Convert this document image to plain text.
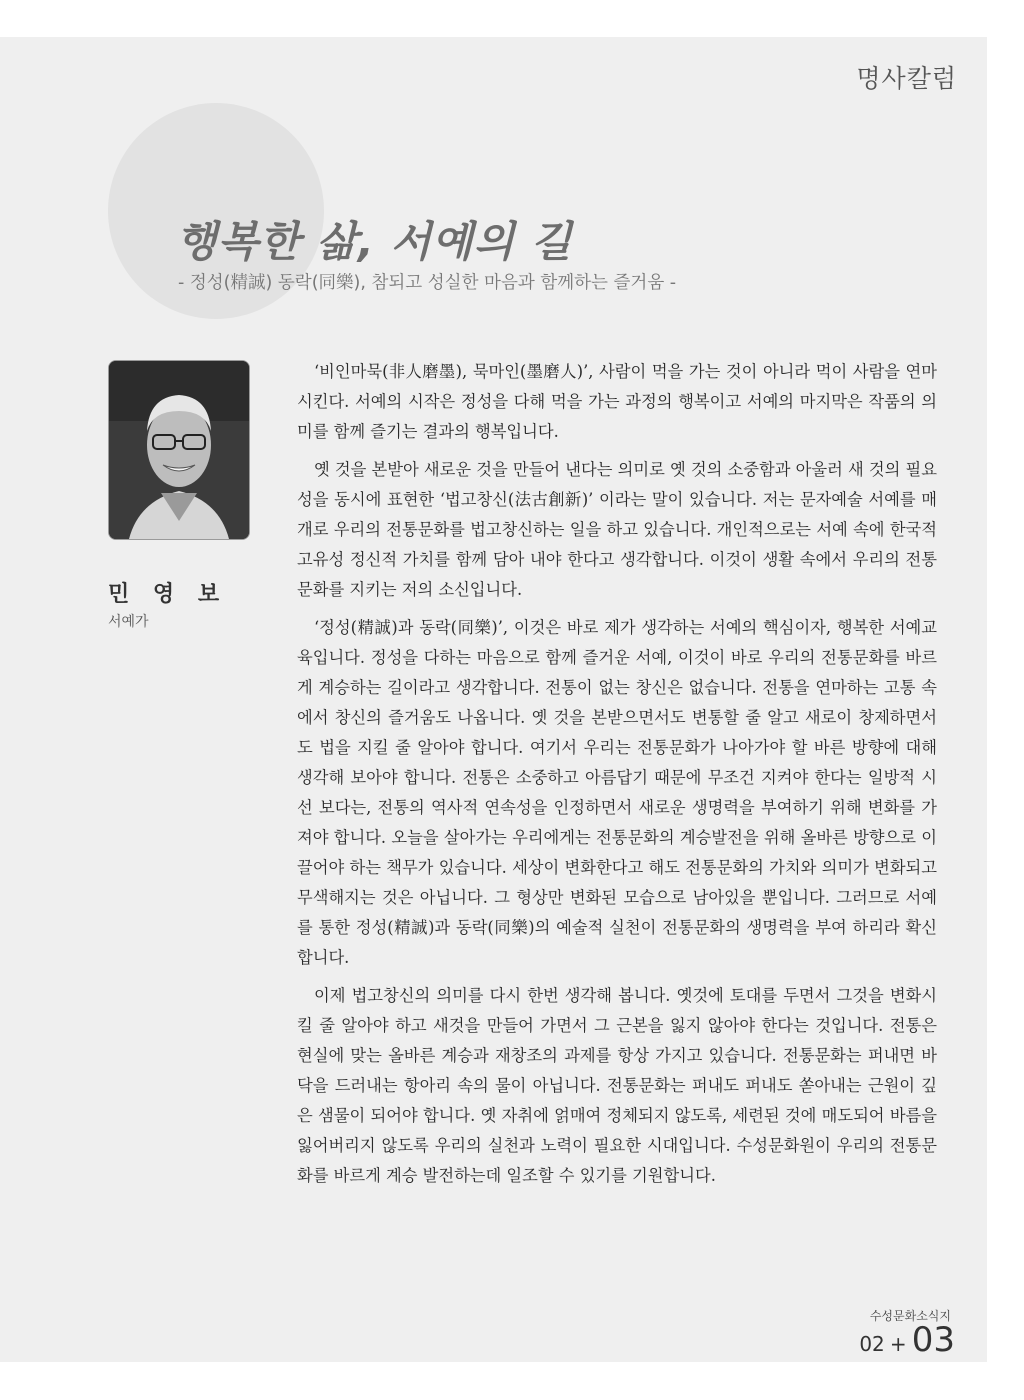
명사칼럼
행복한 삶, 서예의 길

- 정성(精誠) 동락(同樂), 참되고 성실한 마음과 함께하는 즐거움 -

민 영 보
서예가

‘비인마묵(非人磨墨), 묵마인(墨磨人)’, 사람이 먹을 가는 것이 아니라 먹이 사람을 연마시킨다. 서예의 시작은 정성을 다해 먹을 가는 과정의 행복이고 서예의 마지막은 작품의 의미를 함께 즐기는 결과의 행복입니다.

옛 것을 본받아 새로운 것을 만들어 낸다는 의미로 옛 것의 소중함과 아울러 새 것의 필요성을 동시에 표현한 ‘법고창신(法古創新)’ 이라는 말이 있습니다. 저는 문자예술 서예를 매개로 우리의 전통문화를 법고창신하는 일을 하고 있습니다. 개인적으로는 서예 속에 한국적 고유성 정신적 가치를 함께 담아 내야 한다고 생각합니다. 이것이 생활 속에서 우리의 전통문화를 지키는 저의 소신입니다.

‘정성(精誠)과 동락(同樂)’, 이것은 바로 제가 생각하는 서예의 핵심이자, 행복한 서예교육입니다. 정성을 다하는 마음으로 함께 즐거운 서예, 이것이 바로 우리의 전통문화를 바르게 계승하는 길이라고 생각합니다. 전통이 없는 창신은 없습니다. 전통을 연마하는 고통 속에서 창신의 즐거움도 나옵니다. 옛 것을 본받으면서도 변통할 줄 알고 새로이 창제하면서도 법을 지킬 줄 알아야 합니다. 여기서 우리는 전통문화가 나아가야 할 바른 방향에 대해 생각해 보아야 합니다. 전통은 소중하고 아름답기 때문에 무조건 지켜야 한다는 일방적 시선 보다는, 전통의 역사적 연속성을 인정하면서 새로운 생명력을 부여하기 위해 변화를 가져야 합니다. 오늘을 살아가는 우리에게는 전통문화의 계승발전을 위해 올바른 방향으로 이끌어야 하는 책무가 있습니다. 세상이 변화한다고 해도 전통문화의 가치와 의미가 변화되고 무색해지는 것은 아닙니다. 그 형상만 변화된 모습으로 남아있을 뿐입니다. 그러므로 서예를 통한 정성(精誠)과 동락(同樂)의 예술적 실천이 전통문화의 생명력을 부여 하리라 확신합니다.

이제 법고창신의 의미를 다시 한번 생각해 봅니다. 옛것에 토대를 두면서 그것을 변화시킬 줄 알아야 하고 새것을 만들어 가면서 그 근본을 잃지 않아야 한다는 것입니다. 전통은 현실에 맞는 올바른 계승과 재창조의 과제를 항상 가지고 있습니다. 전통문화는 퍼내면 바닥을 드러내는 항아리 속의 물이 아닙니다. 전통문화는 퍼내도 퍼내도 쏟아내는 근원이 깊은 샘물이 되어야 합니다. 옛 자취에 얽매여 정체되지 않도록, 세련된 것에 매도되어 바름을 잃어버리지 않도록 우리의 실천과 노력이 필요한 시대입니다. 수성문화원이 우리의 전통문화를 바르게 계승 발전하는데 일조할 수 있기를 기원합니다.

수성문화소식지
02 + 03
